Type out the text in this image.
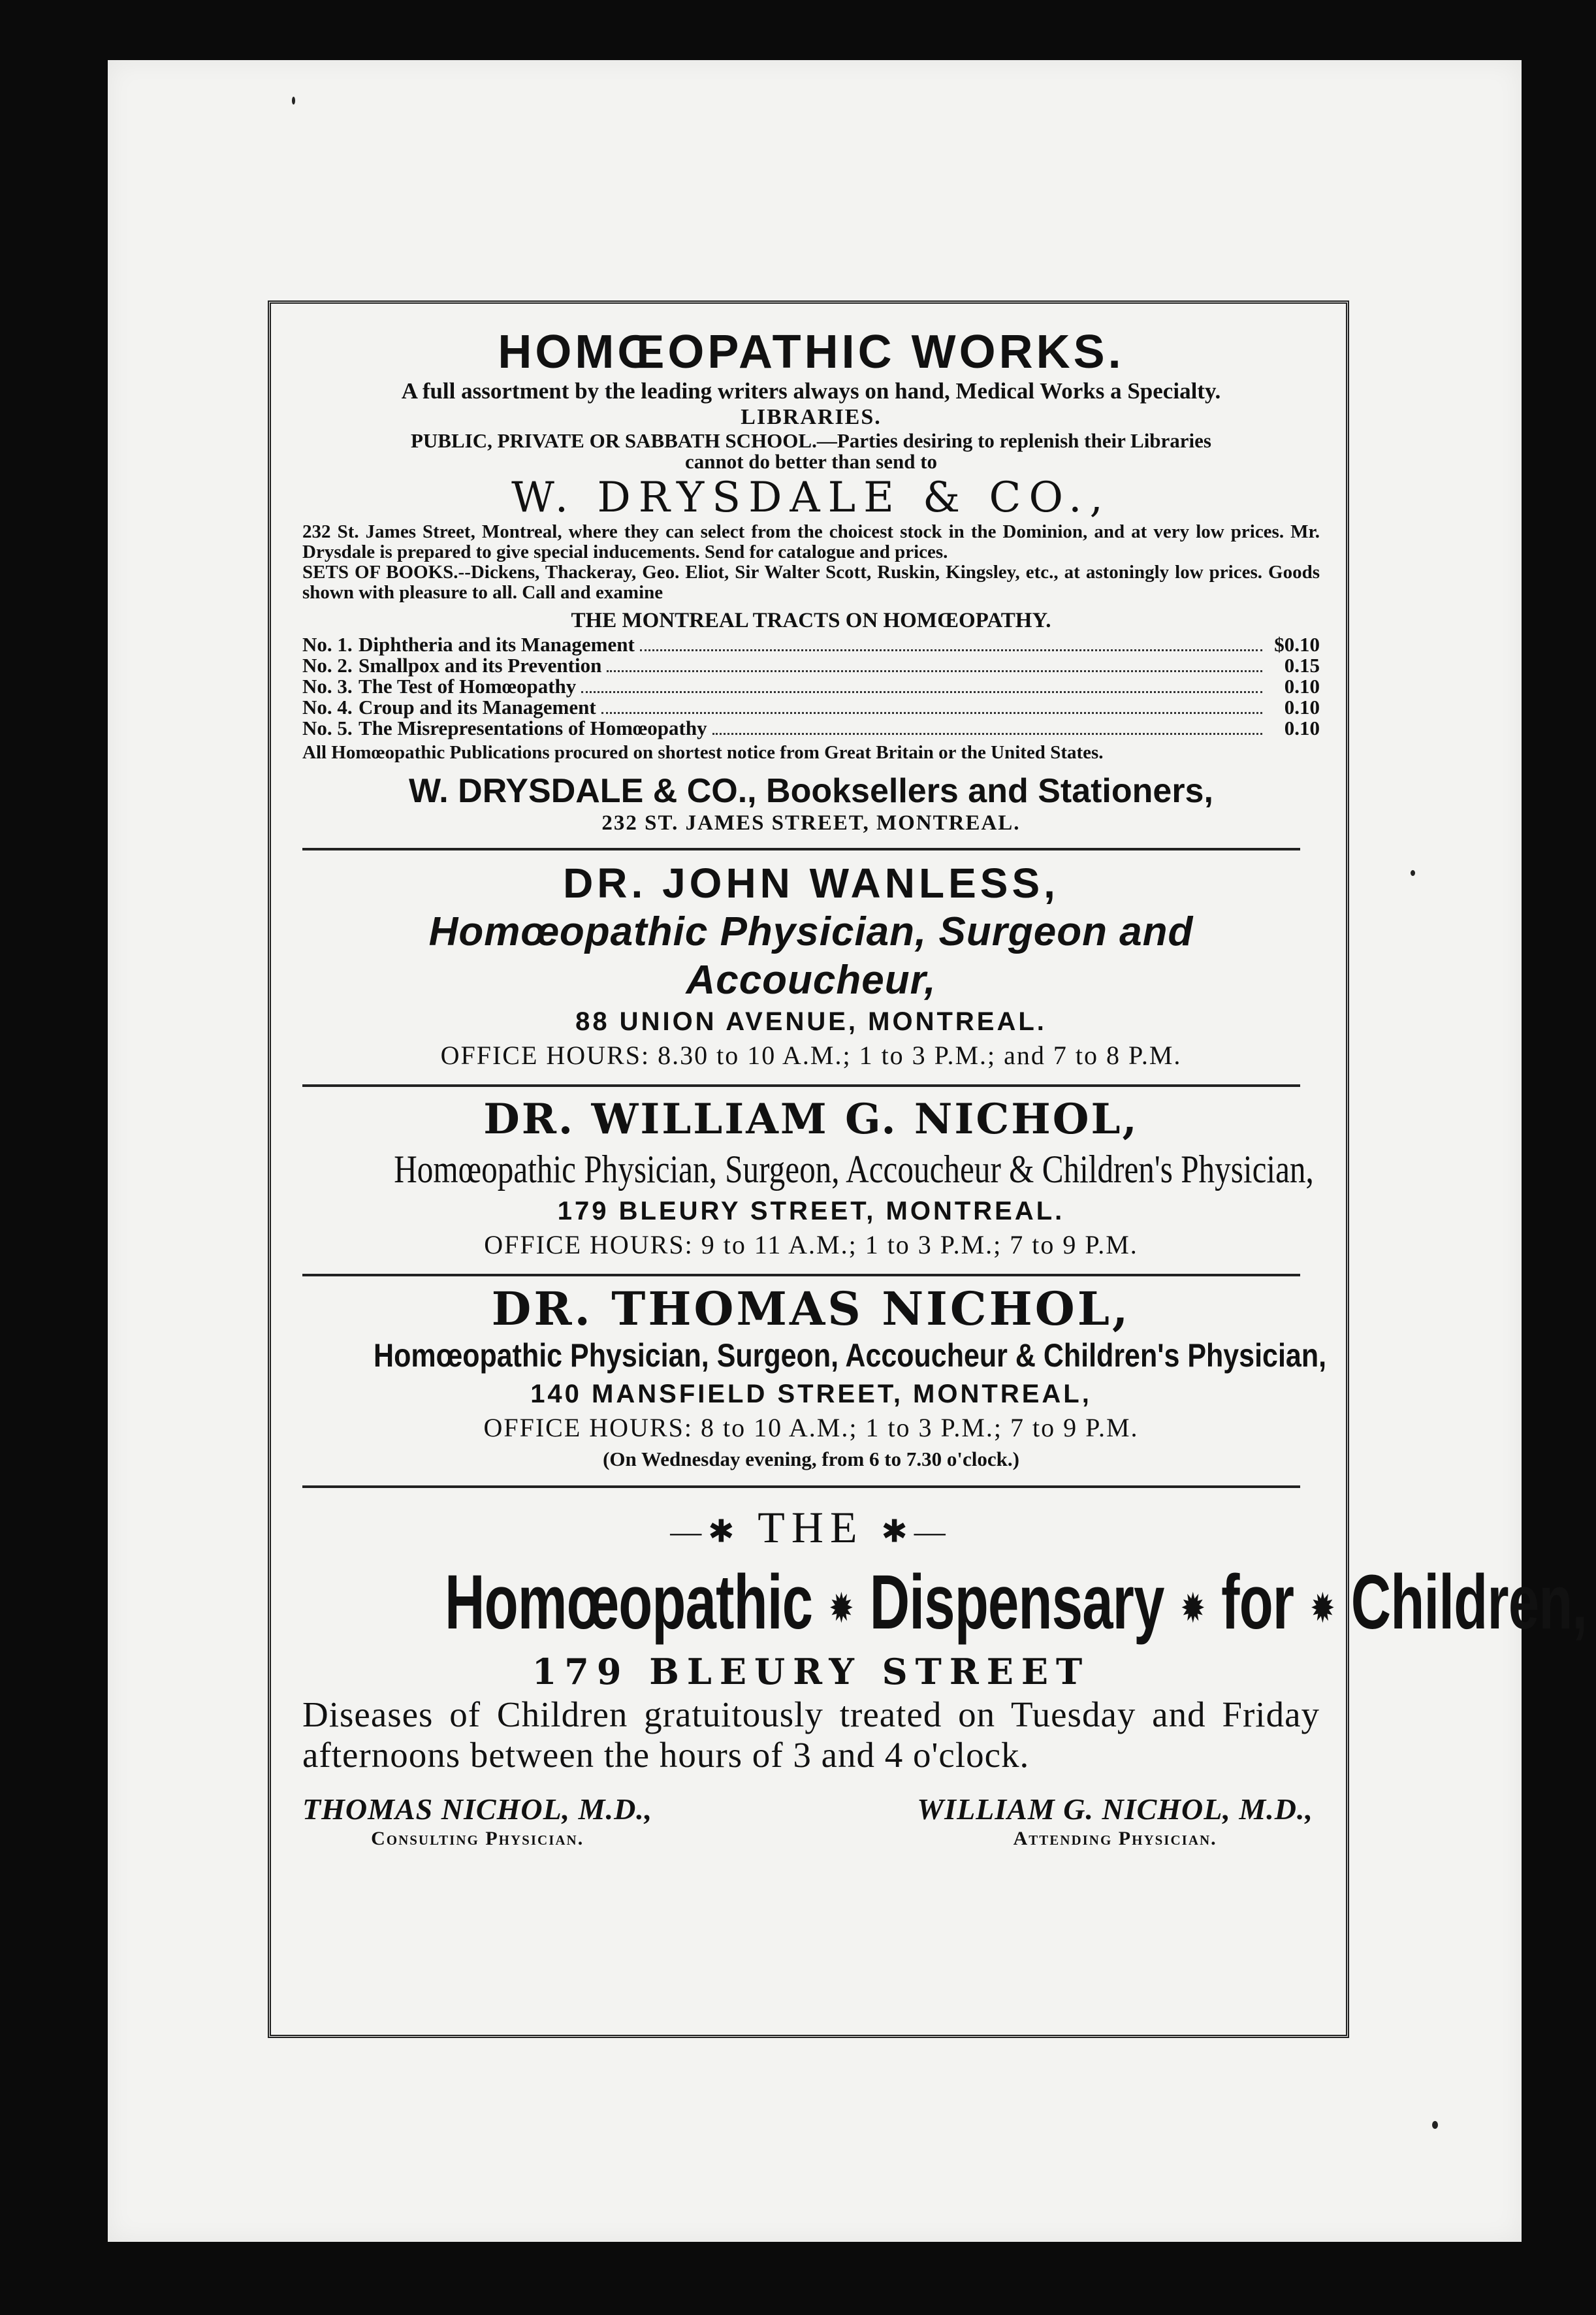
HOMŒOPATHIC WORKS.
A full assortment by the leading writers always on hand, Medical Works a Specialty.
LIBRARIES.
PUBLIC, PRIVATE OR SABBATH SCHOOL.—Parties desiring to replenish their Libraries
cannot do better than send to
W. DRYSDALE & CO.,
232 St. James Street, Montreal, where they can select from the choicest stock in the Dominion, and at very low prices. Mr. Drysdale is prepared to give special inducements. Send for catalogue and prices.
SETS OF BOOKS.--Dickens, Thackeray, Geo. Eliot, Sir Walter Scott, Ruskin, Kingsley, etc., at astoningly low prices. Goods shown with pleasure to all. Call and examine
THE MONTREAL TRACTS ON HOMŒOPATHY.
No. 1. Diphtheria and its Management	$0.10
No. 2. Smallpox and its Prevention	0.15
No. 3. The Test of Homœopathy	0.10
No. 4. Croup and its Management	0.10
No. 5. The Misrepresentations of Homœopathy	0.10
All Homœopathic Publications procured on shortest notice from Great Britain or the United States.
W. DRYSDALE & CO., Booksellers and Stationers,
232 ST. JAMES STREET, MONTREAL.
DR. JOHN WANLESS,
Homœopathic Physician, Surgeon and Accoucheur,
88 UNION AVENUE, MONTREAL.
OFFICE HOURS: 8.30 to 10 A.M.; 1 to 3 P.M.; and 7 to 8 P.M.
DR. WILLIAM G. NICHOL,
Homœopathic Physician, Surgeon, Accoucheur & Children's Physician,
179 BLEURY STREET, MONTREAL.
OFFICE HOURS: 9 to 11 A.M.; 1 to 3 P.M.; 7 to 9 P.M.
DR. THOMAS NICHOL,
Homœopathic Physician, Surgeon, Accoucheur & Children's Physician,
140 MANSFIELD STREET, MONTREAL,
OFFICE HOURS: 8 to 10 A.M.; 1 to 3 P.M.; 7 to 9 P.M.
(On Wednesday evening, from 6 to 7.30 o'clock.)
—✱ THE ✱—
Homœopathic ✹ Dispensary ✹ for ✹ Children,
179 BLEURY STREET
Diseases of Children gratuitously treated on Tuesday and Friday afternoons between the hours of 3 and 4 o'clock.
THOMAS NICHOL, M.D.,
Consulting Physician.
WILLIAM G. NICHOL, M.D.,
Attending Physician.
